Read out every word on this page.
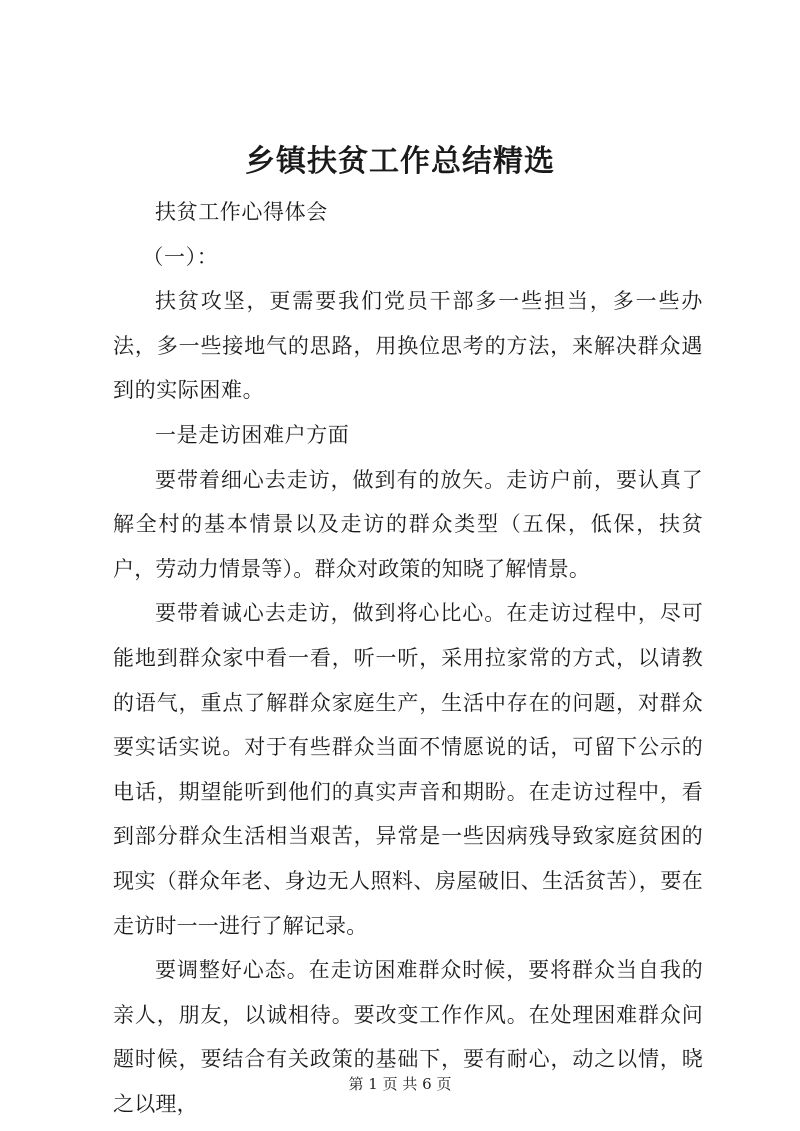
乡镇扶贫工作总结精选

扶贫工作心得体会

（一）：

扶贫攻坚，更需要我们党员干部多一些担当，多一些办法，多一些接地气的思路，用换位思考的方法，来解决群众遇到的实际困难。

一是走访困难户方面

要带着细心去走访，做到有的放矢。走访户前，要认真了解全村的基本情景以及走访的群众类型（五保，低保，扶贫户，劳动力情景等）。群众对政策的知晓了解情景。

要带着诚心去走访，做到将心比心。在走访过程中，尽可能地到群众家中看一看，听一听，采用拉家常的方式，以请教的语气，重点了解群众家庭生产，生活中存在的问题，对群众要实话实说。对于有些群众当面不情愿说的话，可留下公示的电话，期望能听到他们的真实声音和期盼。在走访过程中，看到部分群众生活相当艰苦，异常是一些因病残导致家庭贫困的现实（群众年老、身边无人照料、房屋破旧、生活贫苦），要在走访时一一进行了解记录。

要调整好心态。在走访困难群众时候，要将群众当自我的亲人，朋友，以诚相待。要改变工作作风。在处理困难群众问题时候，要结合有关政策的基础下，要有耐心，动之以情，晓之以理，

第 1 页 共 6 页
